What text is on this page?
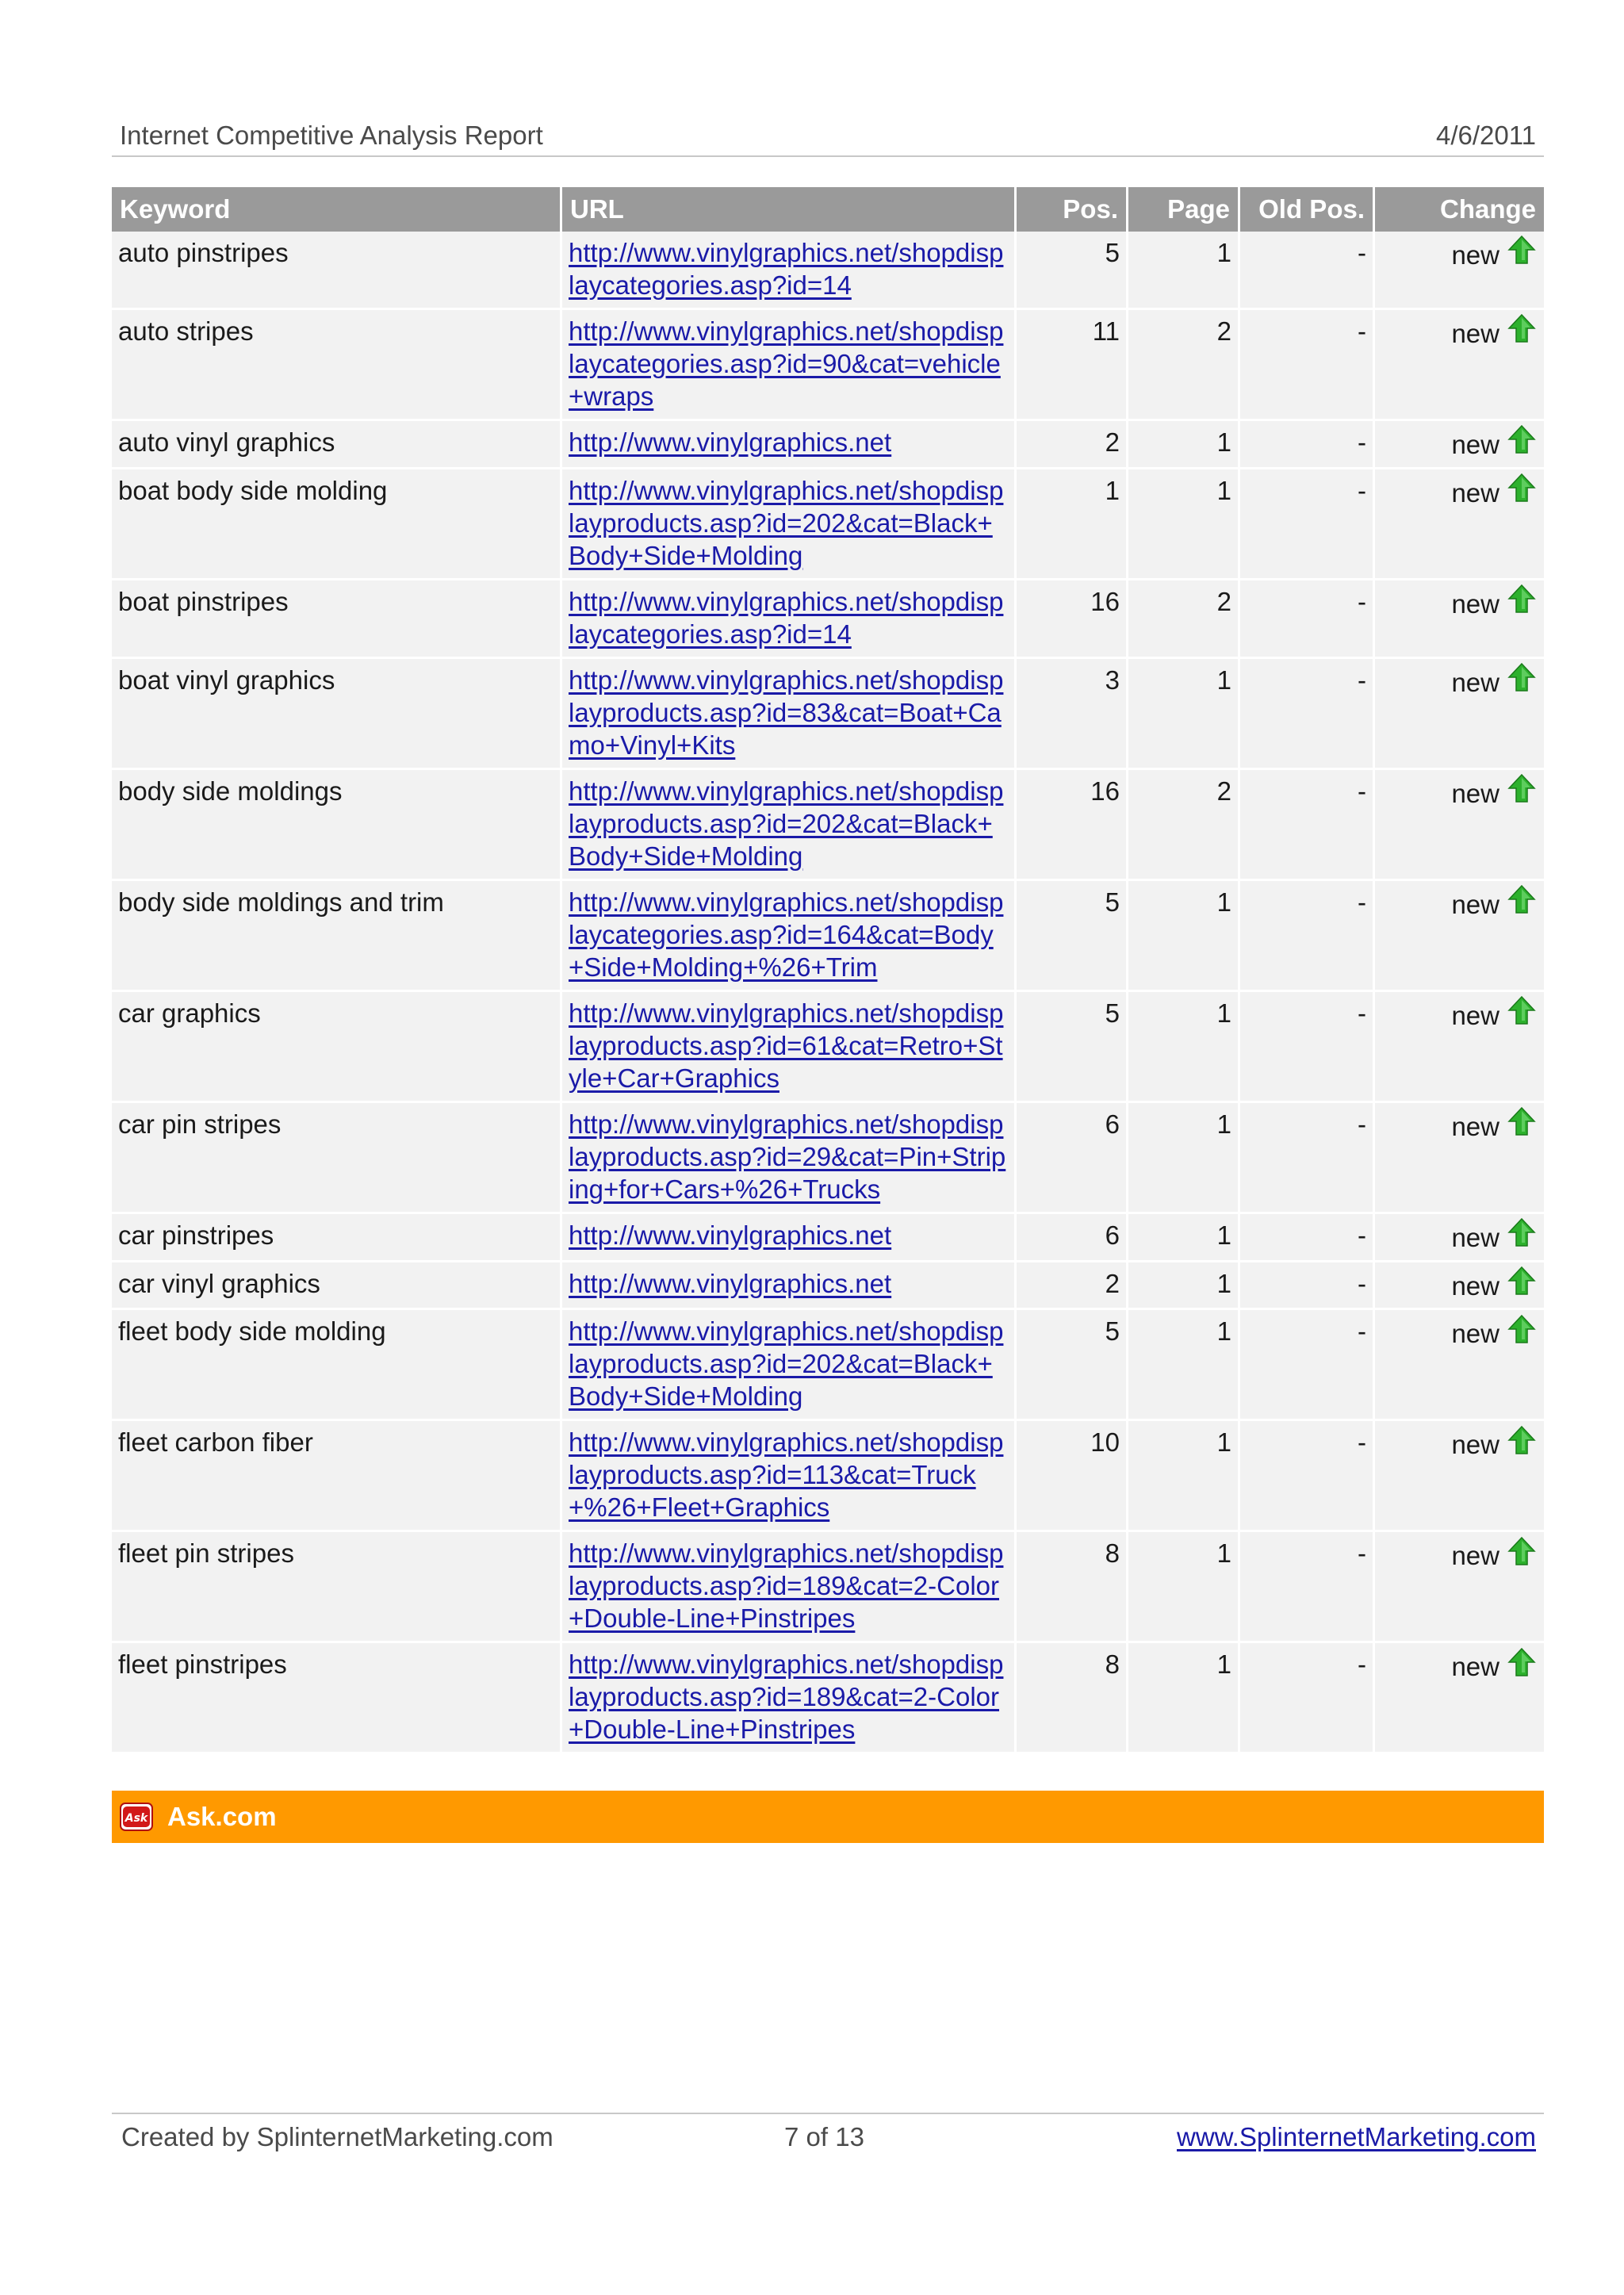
Internet Competitive Analysis Report	4/6/2011
Keyword	URL	Pos.	Page	Old Pos.	Change
auto pinstripes	http://www.vinylgraphics.net/shopdisplaycategories.asp?id=14	5	1	-	new
auto stripes	http://www.vinylgraphics.net/shopdisplaycategories.asp?id=90&cat=vehicle+wraps	11	2	-	new
auto vinyl graphics	http://www.vinylgraphics.net	2	1	-	new
boat body side molding	http://www.vinylgraphics.net/shopdisplayproducts.asp?id=202&cat=Black+Body+Side+Molding	1	1	-	new
boat pinstripes	http://www.vinylgraphics.net/shopdisplaycategories.asp?id=14	16	2	-	new
boat vinyl graphics	http://www.vinylgraphics.net/shopdisplayproducts.asp?id=83&cat=Boat+Camo+Vinyl+Kits	3	1	-	new
body side moldings	http://www.vinylgraphics.net/shopdisplayproducts.asp?id=202&cat=Black+Body+Side+Molding	16	2	-	new
body side moldings and trim	http://www.vinylgraphics.net/shopdisplaycategories.asp?id=164&cat=Body+Side+Molding+%26+Trim	5	1	-	new
car graphics	http://www.vinylgraphics.net/shopdisplayproducts.asp?id=61&cat=Retro+Style+Car+Graphics	5	1	-	new
car pin stripes	http://www.vinylgraphics.net/shopdisplayproducts.asp?id=29&cat=Pin+Striping+for+Cars+%26+Trucks	6	1	-	new
car pinstripes	http://www.vinylgraphics.net	6	1	-	new
car vinyl graphics	http://www.vinylgraphics.net	2	1	-	new
fleet body side molding	http://www.vinylgraphics.net/shopdisplayproducts.asp?id=202&cat=Black+Body+Side+Molding	5	1	-	new
fleet carbon fiber	http://www.vinylgraphics.net/shopdisplayproducts.asp?id=113&cat=Truck+%26+Fleet+Graphics	10	1	-	new
fleet pin stripes	http://www.vinylgraphics.net/shopdisplayproducts.asp?id=189&cat=2-Color+Double-Line+Pinstripes	8	1	-	new
fleet pinstripes	http://www.vinylgraphics.net/shopdisplayproducts.asp?id=189&cat=2-Color+Double-Line+Pinstripes	8	1	-	new
Ask Ask.com
Created by SplinternetMarketing.com	7 of 13	www.SplinternetMarketing.com
